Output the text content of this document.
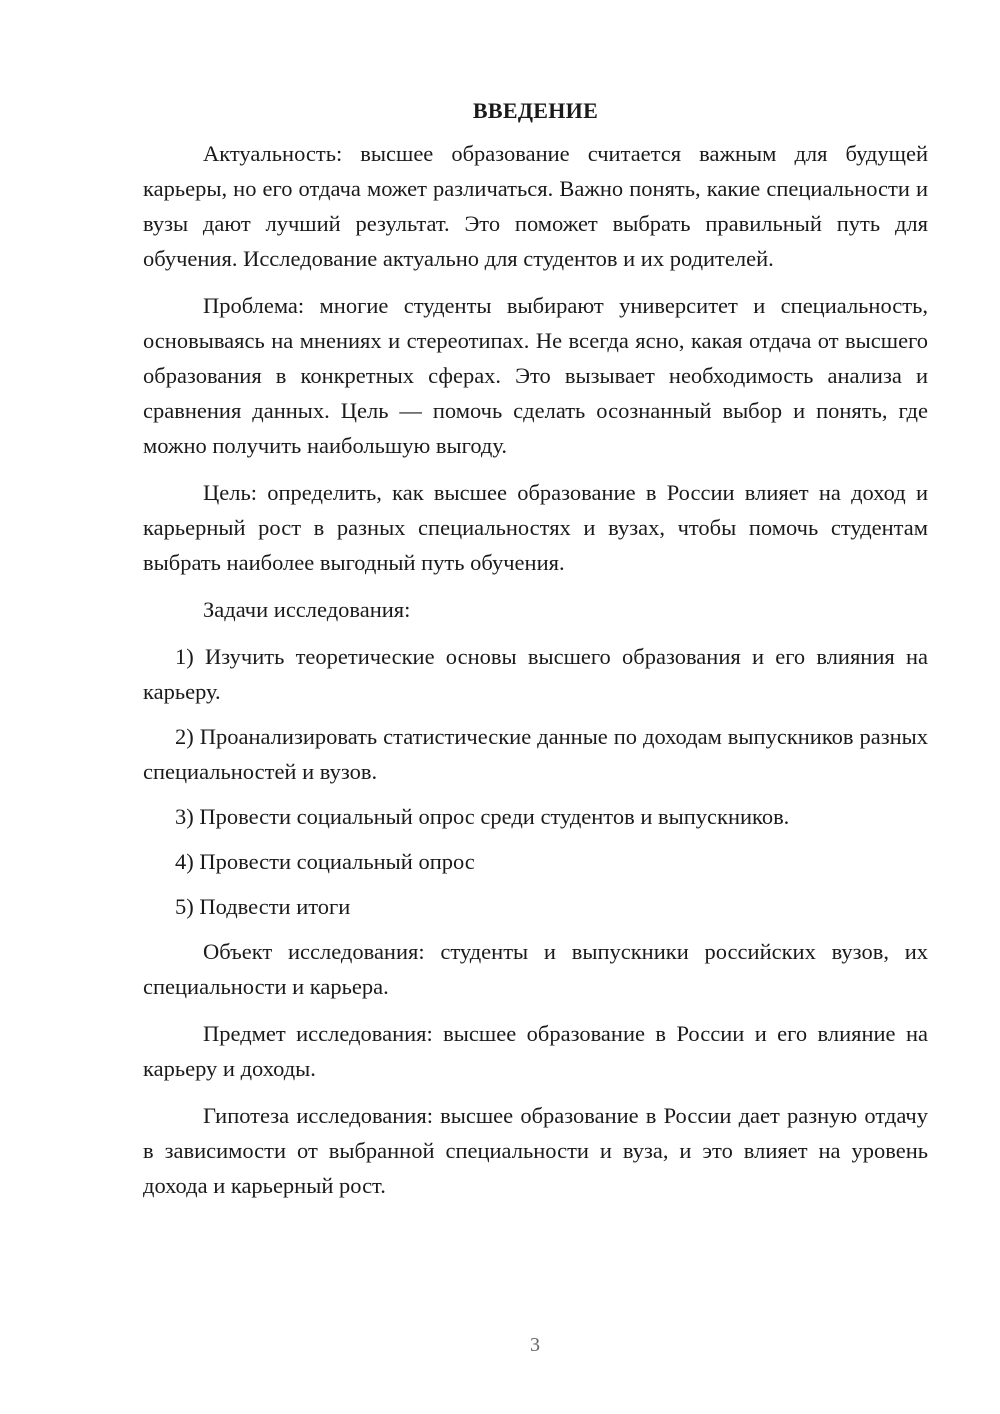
ВВЕДЕНИЕ

Актуальность: высшее образование считается важным для будущей карьеры, но его отдача может различаться. Важно понять, какие специальности и вузы дают лучший результат. Это поможет выбрать правильный путь для обучения. Исследование актуально для студентов и их родителей.

Проблема: многие студенты выбирают университет и специальность, основываясь на мнениях и стереотипах. Не всегда ясно, какая отдача от высшего образования в конкретных сферах. Это вызывает необходимость анализа и сравнения данных. Цель — помочь сделать осознанный выбор и понять, где можно получить наибольшую выгоду.

Цель: определить, как высшее образование в России влияет на доход и карьерный рост в разных специальностях и вузах, чтобы помочь студентам выбрать наиболее выгодный путь обучения.

Задачи исследования:

1) Изучить теоретические основы высшего образования и его влияния на карьеру.

2) Проанализировать статистические данные по доходам выпускников разных специальностей и вузов.

3) Провести социальный опрос среди студентов и выпускников.

4) Провести социальный опрос

5) Подвести итоги

Объект исследования: студенты и выпускники российских вузов, их специальности и карьера.

Предмет исследования: высшее образование в России и его влияние на карьеру и доходы.

Гипотеза исследования: высшее образование в России дает разную отдачу в зависимости от выбранной специальности и вуза, и это влияет на уровень дохода и карьерный рост.

3
